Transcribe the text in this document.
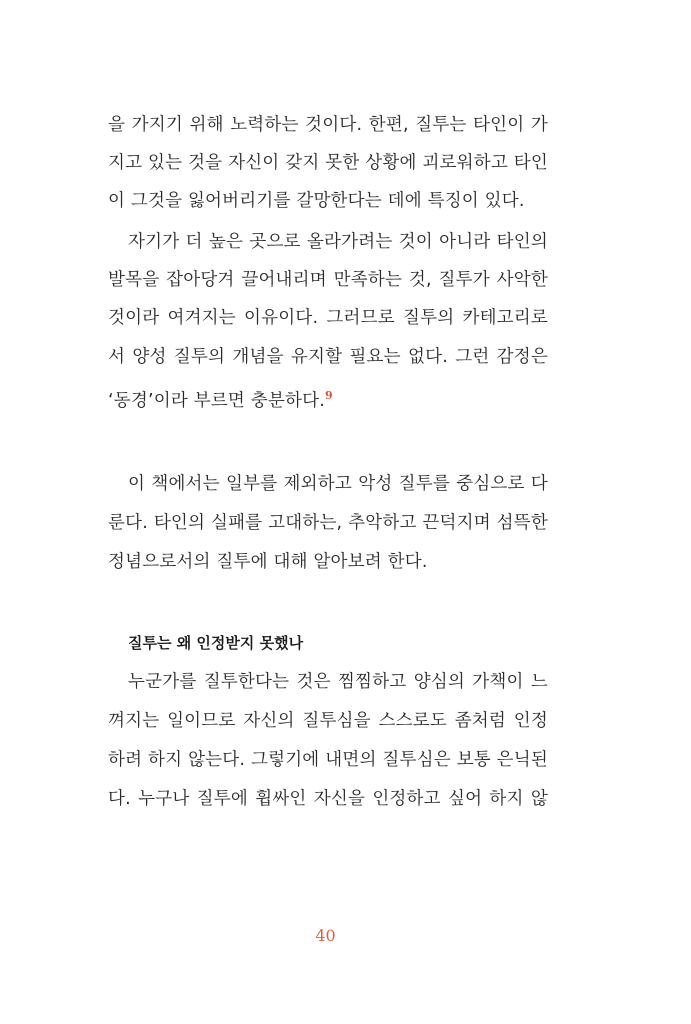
을 가지기 위해 노력하는 것이다. 한편, 질투는 타인이 가
지고 있는 것을 자신이 갖지 못한 상황에 괴로워하고 타인
이 그것을 잃어버리기를 갈망한다는 데에 특징이 있다.
자기가 더 높은 곳으로 올라가려는 것이 아니라 타인의
발목을 잡아당겨 끌어내리며 만족하는 것, 질투가 사악한
것이라 여겨지는 이유이다. 그러므로 질투의 카테고리로
서 양성 질투의 개념을 유지할 필요는 없다. 그런 감정은
‘동경’이라 부르면 충분하다.$^9$
이 책에서는 일부를 제외하고 악성 질투를 중심으로 다
룬다. 타인의 실패를 고대하는, 추악하고 끈덕지며 섬뜩한
정념으로서의 질투에 대해 알아보려 한다.
질투는 왜 인정받지 못했나
누군가를 질투한다는 것은 찜찜하고 양심의 가책이 느
껴지는 일이므로 자신의 질투심을 스스로도 좀처럼 인정
하려 하지 않는다. 그렇기에 내면의 질투심은 보통 은닉된
다. 누구나 질투에 휩싸인 자신을 인정하고 싶어 하지 않
40
